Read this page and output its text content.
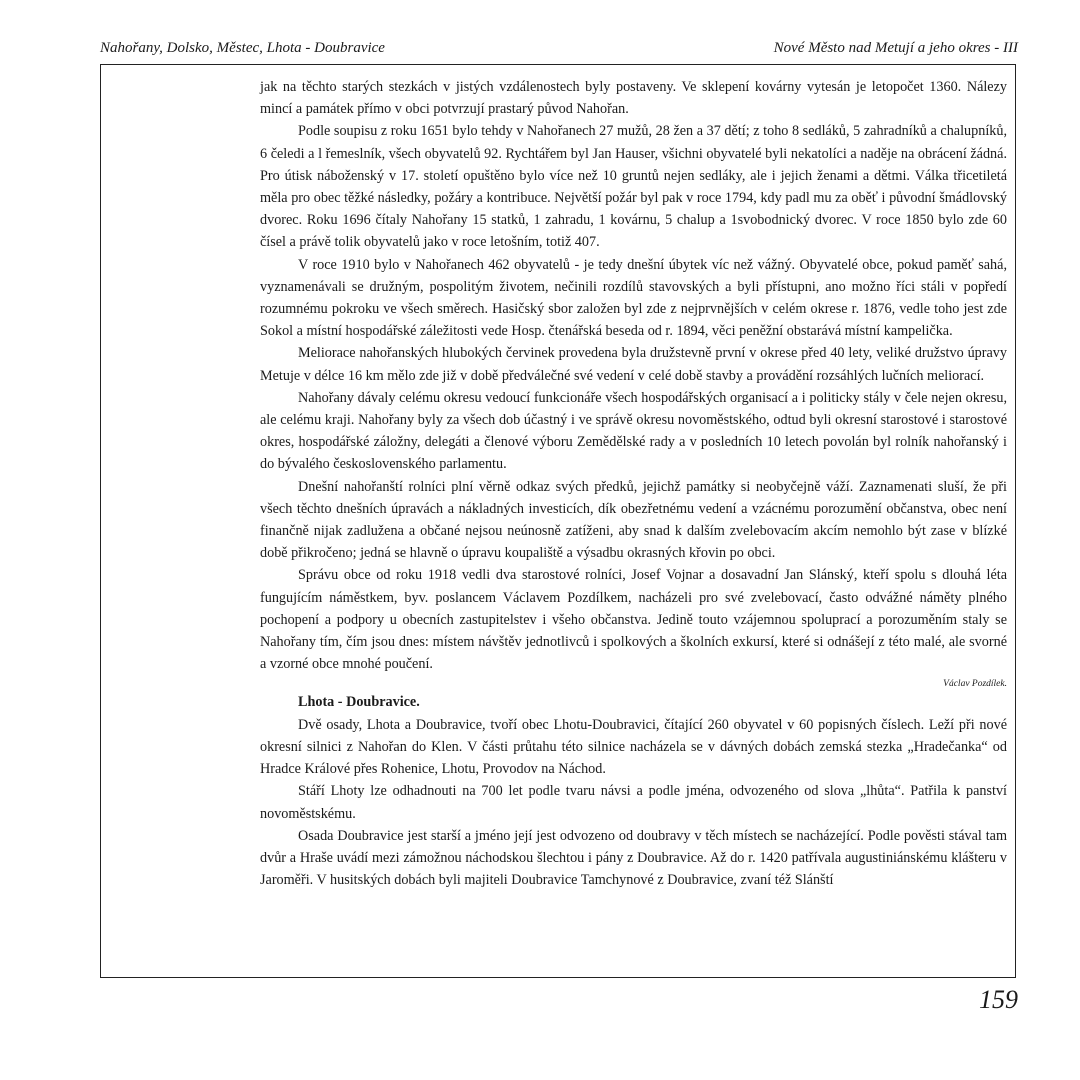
Nahořany, Dolsko, Městec, Lhota - Doubravice	Nové Město nad Metují a jeho okres - III

jak na těchto starých stezkách v jistých vzdálenostech byly postaveny. Ve sklepení kovárny vytesán je letopočet 1360. Nálezy mincí a památek přímo v obci potvrzují prastarý původ Nahořan.

Podle soupisu z roku 1651 bylo tehdy v Nahořanech 27 mužů, 28 žen a 37 dětí; z toho 8 sedláků, 5 zahradníků a chalupníků, 6 čeledi a l řemeslník, všech obyvatelů 92. Rychtářem byl Jan Hauser, všichni obyvatelé byli nekatolíci a naděje na obrácení žádná. Pro útisk náboženský v 17. století opuštěno bylo více než 10 gruntů nejen sedláky, ale i jejich ženami a dětmi. Válka třicetiletá měla pro obec těžké následky, požáry a kontribuce. Největší požár byl pak v roce 1794, kdy padl mu za oběť i původní šmádlovský dvorec. Roku 1696 čítaly Nahořany 15 statků, 1 zahradu, 1 kovárnu, 5 chalup a 1svobodnický dvorec. V roce 1850 bylo zde 60 čísel a právě tolik obyvatelů jako v roce letošním, totiž 407.

V roce 1910 bylo v Nahořanech 462 obyvatelů - je tedy dnešní úbytek víc než vážný. Obyvatelé obce, pokud paměť sahá, vyznamenávali se družným, pospolitým životem, nečinili rozdílů stavovských a byli přístupni, ano možno říci stáli v popředí rozumnému pokroku ve všech směrech. Hasičský sbor založen byl zde z nejprvnějších v celém okrese r. 1876, vedle toho jest zde Sokol a místní hospodářské záležitosti vede Hosp. čtenářská beseda od r. 1894, věci peněžní obstarává místní kampelička.

Meliorace nahořanských hlubokých červinek provedena byla družstevně první v okrese před 40 lety, veliké družstvo úpravy Metuje v délce 16 km mělo zde již v době předválečné své vedení v celé době stavby a provádění rozsáhlých lučních meliorací.

Nahořany dávaly celému okresu vedoucí funkcionáře všech hospodářských organisací a i politicky stály v čele nejen okresu, ale celému kraji. Nahořany byly za všech dob účastný i ve správě okresu novoměstského, odtud byli okresní starostové i starostové okres, hospodářské záložny, delegáti a členové výboru Zemědělské rady a v posledních 10 letech povolán byl rolník nahořanský i do bývalého československého parlamentu.

Dnešní nahořanští rolníci plní věrně odkaz svých předků, jejichž památky si neobyčejně váží. Zaznamenati sluší, že při všech těchto dnešních úpravách a nákladných investicích, dík obezřetnému vedení a vzácnému porozumění občanstva, obec není finančně nijak zadlužena a občané nejsou neúnosně zatíženi, aby snad k dalším zvelebovacím akcím nemohlo být zase v blízké době přikročeno; jedná se hlavně o úpravu koupaliště a výsadbu okrasných křovin po obci.

Správu obce od roku 1918 vedli dva starostové rolníci, Josef Vojnar a dosavadní Jan Slánský, kteří spolu s dlouhá léta fungujícím náměstkem, byv. poslancem Václavem Pozdílkem, nacházeli pro své zvelebovací, často odvážné náměty plného pochopení a podpory u obecních zastupitelstev i všeho občanstva. Jedině touto vzájemnou spoluprací a porozuměním staly se Nahořany tím, čím jsou dnes: místem návštěv jednotlivců i spolkových a školních exkursí, které si odnášejí z této malé, ale svorné a vzorné obce mnohé poučení.

Václav Pozdílek.

Lhota - Doubravice.

Dvě osady, Lhota a Doubravice, tvoří obec Lhotu-Doubravici, čítající 260 obyvatel v 60 popisných číslech. Leží při nové okresní silnici z Nahořan do Klen. V části průtahu této silnice nacházela se v dávných dobách zemská stezka „Hradečanka“ od Hradce Králové přes Rohenice, Lhotu, Provodov na Náchod.

Stáří Lhoty lze odhadnouti na 700 let podle tvaru návsi a podle jména, odvozeného od slova „lhůta“. Patřila k panství novoměstskému.

Osada Doubravice jest starší a jméno její jest odvozeno od doubravy v těch místech se nacházející. Podle pověsti stával tam dvůr a Hraše uvádí mezi zámožnou náchodskou šlechtou i pány z Doubravice. Až do r. 1420 patřívala augustiniánskému klášteru v Jaroměři. V husitských dobách byli majiteli Doubravice Tamchynové z Doubravice, zvaní též Slánští

159
